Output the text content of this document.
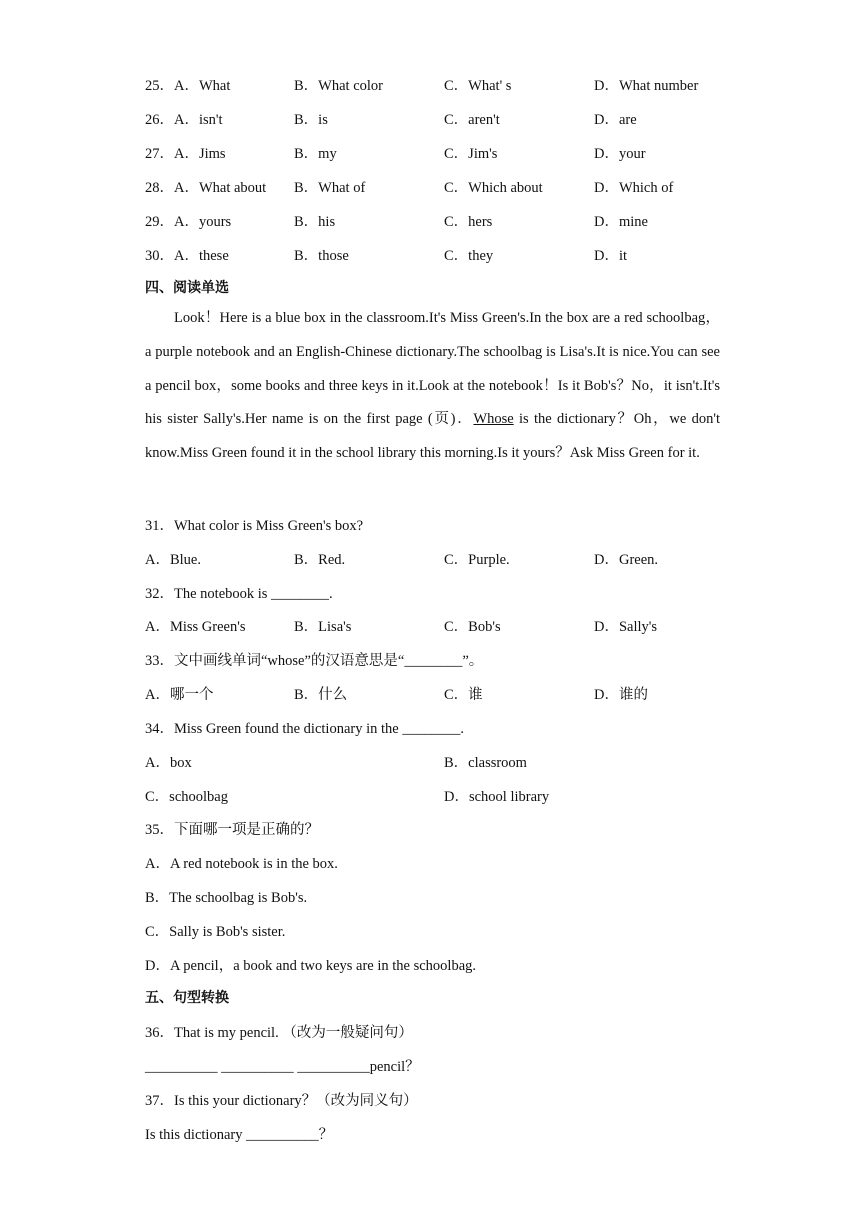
25．A．What	B．What color	C．What' s	D．What number
26．A．isn't	B．is	C．aren't	D．are
27．A．Jims	B．my	C．Jim's	D．your
28．A．What about B．What of	C．Which about	D．Which of
29．A．yours	B．his	C．hers	D．mine
30．A．these	B．those	C．they	D．it
四、阅读单选
Look！Here is a blue box in the classroom.It's Miss Green's.In the box are a red schoolbag，a purple notebook and an English-Chinese dictionary.The schoolbag is Lisa's.It is nice.You can see a pencil box，some books and three keys in it.Look at the notebook！Is it Bob's？No，it isn't.It's his sister Sally's.Her name is on the first page (页)．Whose is the dictionary？Oh，we don't know.Miss Green found it in the school library this morning.Is it yours？Ask Miss Green for it.
31．What color is Miss Green's box?
A．Blue.	B．Red.	C．Purple.	D．Green.
32．The notebook is ________.
A．Miss Green's	B．Lisa's	C．Bob's	D．Sally's
33．文中画线单词“whose”的汉语意思是“________”。
A．哪一个	B．什么	C．谁	D．谁的
34．Miss Green found the dictionary in the ________.
A．box	B．classroom
C．schoolbag	D．school library
35．下面哪一项是正确的？
A．A red notebook is in the box.
B．The schoolbag is Bob's.
C．Sally is Bob's sister.
D．A pencil，a book and two keys are in the schoolbag.
五、句型转换
36．That is my pencil. （改为一般疑问句）
__________ __________ __________pencil？
37．Is this your dictionary？（改为同义句）
Is this dictionary __________？
